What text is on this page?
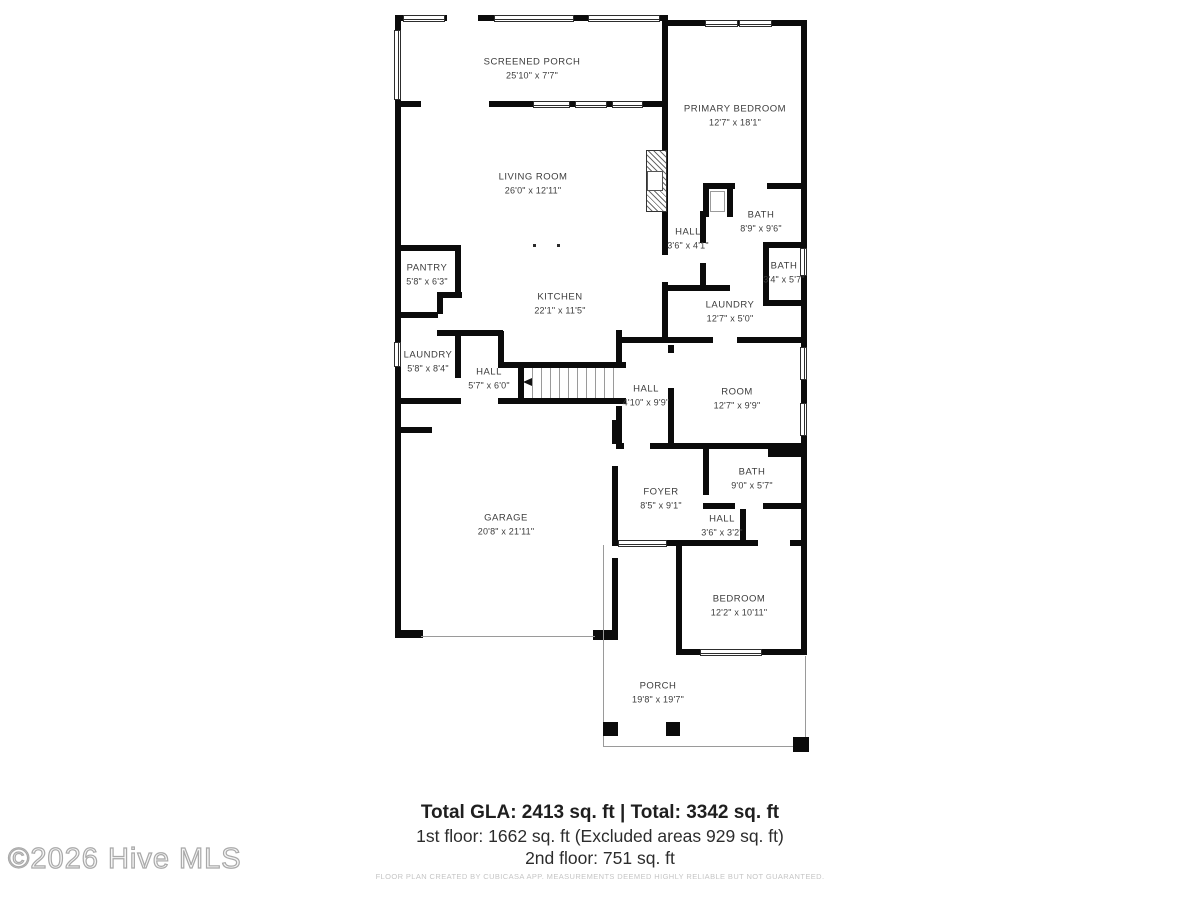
SCREENED PORCH
25'10" x 7'7"
PRIMARY BEDROOM
12'7" x 18'1"
LIVING ROOM
26'0" x 12'11"
HALL
3'6" x 4'1"
BATH
8'9" x 9'6"
BATH
3'4" x 5'7"
LAUNDRY
12'7" x 5'0"
PANTRY
5'8" x 6'3"
KITCHEN
22'1" x 11'5"
LAUNDRY
5'8" x 8'4"	HALL
5'7" x 6'0"	HALL
4'10" x 9'9"
ROOM
12'7" x 9'9"
BATH
9'0" x 5'7"
FOYER
8'5" x 9'1"
HALL
3'6" x 3'2"
GARAGE
20'8" x 21'11"
BEDROOM
12'2" x 10'11"
PORCH
19'8" x 19'7"
Total GLA: 2413 sq. ft | Total: 3342 sq. ft
1st floor: 1662 sq. ft (Excluded areas 929 sq. ft)
2nd floor: 751 sq. ft
©2026 Hive MLS
FLOOR PLAN CREATED BY CUBICASA APP. MEASUREMENTS DEEMED HIGHLY RELIABLE BUT NOT GUARANTEED.
